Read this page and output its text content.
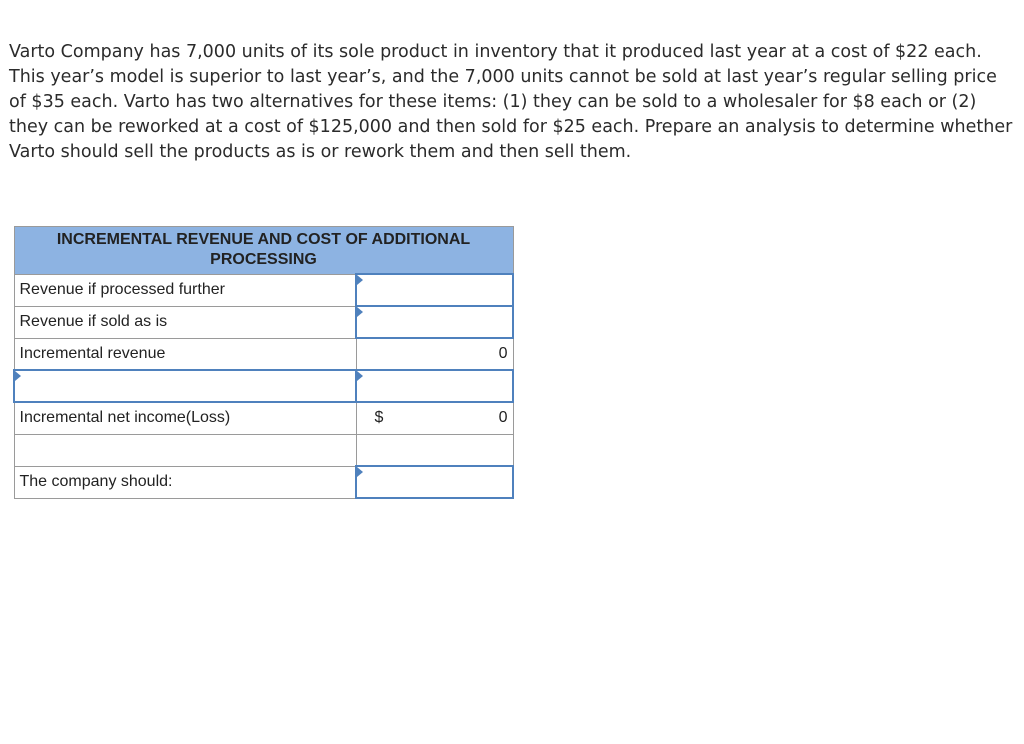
Varto Company has 7,000 units of its sole product in inventory that it produced last year at a cost of $22 each. This year’s model is superior to last year’s, and the 7,000 units cannot be sold at last year’s regular selling price of $35 each. Varto has two alternatives for these items: (1) they can be sold to a wholesaler for $8 each or (2) they can be reworked at a cost of $125,000 and then sold for $25 each. Prepare an analysis to determine whether Varto should sell the products as is or rework them and then sell them.

INCREMENTAL REVENUE AND COST OF ADDITIONAL PROCESSING	
Revenue if processed further	

Revenue if sold as is	

Incremental revenue	0

Incremental net income(Loss)	$ 0

The company should:	
